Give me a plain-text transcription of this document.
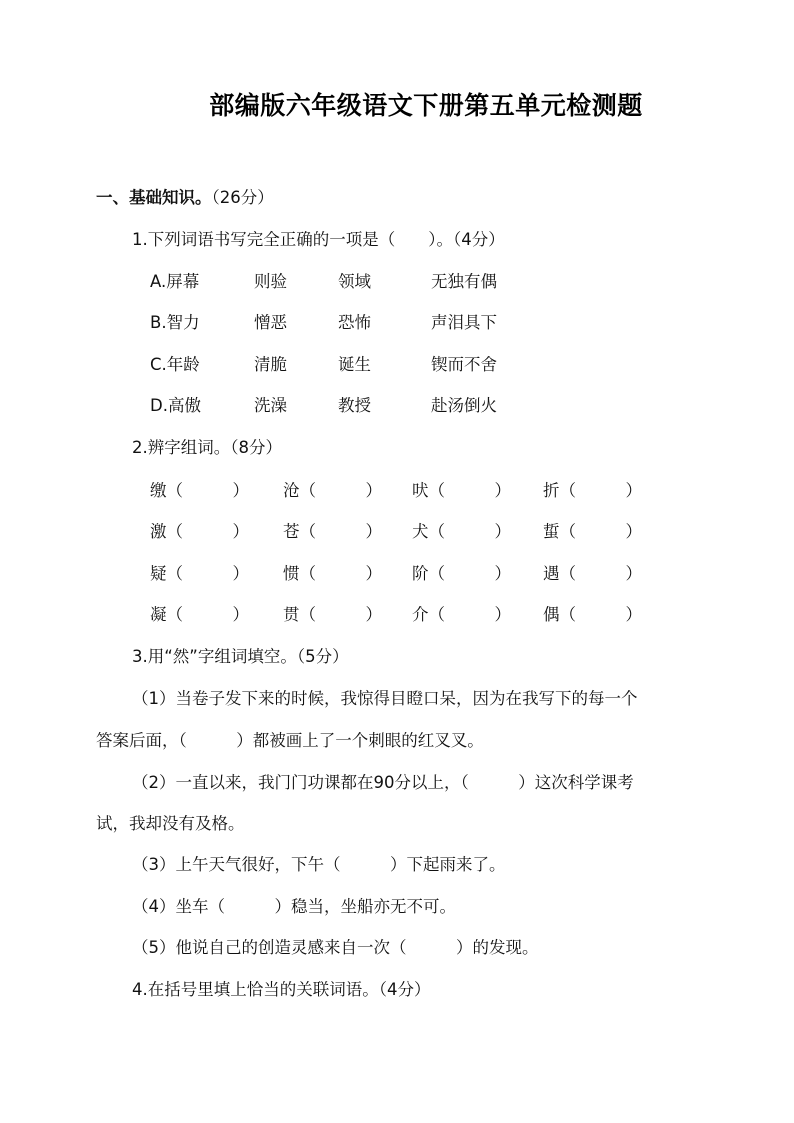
部编版六年级语文下册第五单元检测题
一、基础知识。（26分）
1.下列词语书写完全正确的一项是（　　）。（4分）
A.屏幕	则验	领域	无独有偶
B.智力	憎恶	恐怖	声泪具下
C.年龄	清脆	诞生	锲而不舍
D.高傲	洗澡	教授	赴汤倒火
2.辨字组词。（8分）
缴（　　　） 沧（　　　） 吠（　　　） 折（　　　）
激（　　　） 苍（　　　） 犬（　　　） 蜇（　　　）
疑（　　　） 惯（　　　） 阶（　　　） 遇（　　　）
凝（　　　） 贯（　　　） 介（　　　） 偶（　　　）
3.用“然”字组词填空。（5分）
（1）当卷子发下来的时候，我惊得目瞪口呆，因为在我写下的每一个
答案后面，（　　　）都被画上了一个刺眼的红叉叉。
（2）一直以来，我门门功课都在90分以上，（　　　）这次科学课考
试，我却没有及格。
（3）上午天气很好，下午（　　　）下起雨来了。
（4）坐车（　　　）稳当，坐船亦无不可。
（5）他说自己的创造灵感来自一次（　　　）的发现。
4.在括号里填上恰当的关联词语。（4分）
